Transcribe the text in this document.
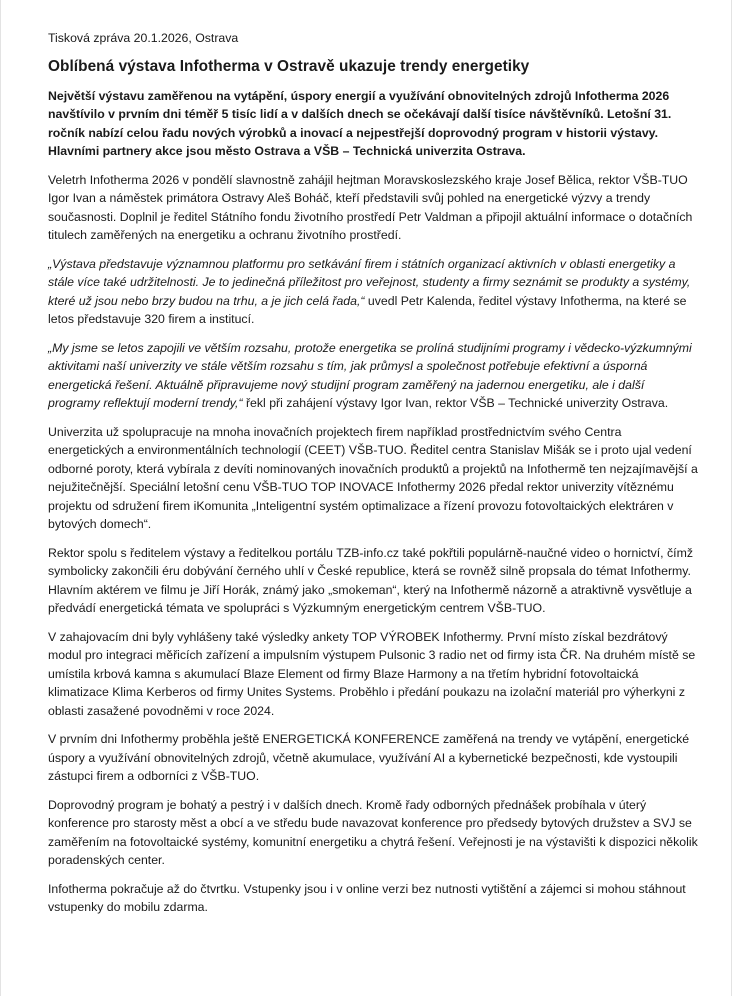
Tisková zpráva 20.1.2026, Ostrava

Oblíbená výstava Infotherma v Ostravě ukazuje trendy energetiky

Největší výstavu zaměřenou na vytápění, úspory energií a využívání obnovitelných zdrojů Infotherma 2026 navštívilo v prvním dni téměř 5 tisíc lidí a v dalších dnech se očekávají další tisíce návštěvníků. Letošní 31. ročník nabízí celou řadu nových výrobků a inovací a nejpestřejší doprovodný program v historii výstavy. Hlavními partnery akce jsou město Ostrava a VŠB – Technická univerzita Ostrava.

Veletrh Infotherma 2026 v pondělí slavnostně zahájil hejtman Moravskoslezského kraje Josef Bělica, rektor VŠB-TUO Igor Ivan a náměstek primátora Ostravy Aleš Boháč, kteří představili svůj pohled na energetické výzvy a trendy současnosti. Doplnil je ředitel Státního fondu životního prostředí Petr Valdman a připojil aktuální informace o dotačních titulech zaměřených na energetiku a ochranu životního prostředí.

„Výstava představuje významnou platformu pro setkávání firem i státních organizací aktivních v oblasti energetiky a stále více také udržitelnosti. Je to jedinečná příležitost pro veřejnost, studenty a firmy seznámit se produkty a systémy, které už jsou nebo brzy budou na trhu, a je jich celá řada,“ uvedl Petr Kalenda, ředitel výstavy Infotherma, na které se letos představuje 320 firem a institucí.

„My jsme se letos zapojili ve větším rozsahu, protože energetika se prolíná studijními programy i vědecko-výzkumnými aktivitami naší univerzity ve stále větším rozsahu s tím, jak průmysl a společnost potřebuje efektivní a úsporná energetická řešení. Aktuálně připravujeme nový studijní program zaměřený na jadernou energetiku, ale i další programy reflektují moderní trendy,“ řekl při zahájení výstavy Igor Ivan, rektor VŠB – Technické univerzity Ostrava.

Univerzita už spolupracuje na mnoha inovačních projektech firem například prostřednictvím svého Centra energetických a environmentálních technologií (CEET) VŠB-TUO. Ředitel centra Stanislav Mišák se i proto ujal vedení odborné poroty, která vybírala z devíti nominovaných inovačních produktů a projektů na Infothermě ten nejzajímavější a nejužitečnější. Speciální letošní cenu VŠB-TUO TOP INOVACE Infothermy 2026 předal rektor univerzity vítěznému projektu od sdružení firem iKomunita „Inteligentní systém optimalizace a řízení provozu fotovoltaických elektráren v bytových domech“.

Rektor spolu s ředitelem výstavy a ředitelkou portálu TZB-info.cz také pokřtili populárně-naučné video o hornictví, čímž symbolicky zakončili éru dobývání černého uhlí v České republice, která se rovněž silně propsala do témat Infothermy. Hlavním aktérem ve filmu je Jiří Horák, známý jako „smokeman“, který na Infothermě názorně a atraktivně vysvětluje a předvádí energetická témata ve spolupráci s Výzkumným energetickým centrem VŠB-TUO.

V zahajovacím dni byly vyhlášeny také výsledky ankety TOP VÝROBEK Infothermy. První místo získal bezdrátový modul pro integraci měřicích zařízení a impulsním výstupem Pulsonic 3 radio net od firmy ista ČR. Na druhém místě se umístila krbová kamna s akumulací Blaze Element od firmy Blaze Harmony a na třetím hybridní fotovoltaická klimatizace Klima Kerberos od firmy Unites Systems. Proběhlo i předání poukazu na izolační materiál pro výherkyni z oblasti zasažené povodněmi v roce 2024.

V prvním dni Infothermy proběhla ještě ENERGETICKÁ KONFERENCE zaměřená na trendy ve vytápění, energetické úspory a využívání obnovitelných zdrojů, včetně akumulace, využívání AI a kybernetické bezpečnosti, kde vystoupili zástupci firem a odborníci z VŠB-TUO.

Doprovodný program je bohatý a pestrý i v dalších dnech. Kromě řady odborných přednášek probíhala v úterý konference pro starosty měst a obcí a ve středu bude navazovat konference pro předsedy bytových družstev a SVJ se zaměřením na fotovoltaické systémy, komunitní energetiku a chytrá řešení. Veřejnosti je na výstavišti k dispozici několik poradenských center.

Infotherma pokračuje až do čtvrtku. Vstupenky jsou i v online verzi bez nutnosti vytištění a zájemci si mohou stáhnout vstupenky do mobilu zdarma.
